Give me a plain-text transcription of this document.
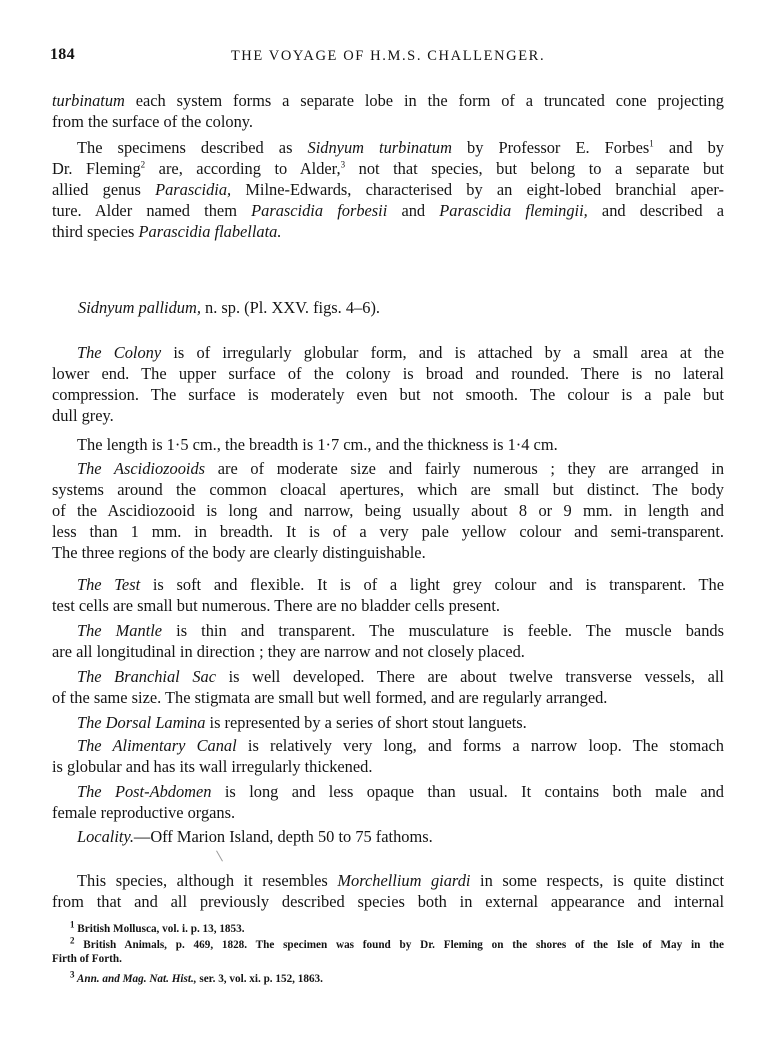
184	THE VOYAGE OF H.M.S. CHALLENGER.
turbinatum each system forms a separate lobe in the form of a truncated cone projecting
from the surface of the colony.
The specimens described as Sidnyum turbinatum by Professor E. Forbes$^1$ and by
Dr. Fleming$^2$ are, according to Alder,$^3$ not that species, but belong to a separate but
allied genus Parascidia, Milne-Edwards, characterised by an eight-lobed branchial aper-
ture. Alder named them Parascidia forbesii and Parascidia flemingii, and described a
third species Parascidia flabellata.
Sidnyum pallidum, n. sp. (Pl. XXV. figs. 4–6).
The Colony is of irregularly globular form, and is attached by a small area at the
lower end. The upper surface of the colony is broad and rounded. There is no lateral
compression. The surface is moderately even but not smooth. The colour is a pale but
dull grey.
The length is 1·5 cm., the breadth is 1·7 cm., and the thickness is 1·4 cm.
The Ascidiozooids are of moderate size and fairly numerous ; they are arranged in
systems around the common cloacal apertures, which are small but distinct. The body
of the Ascidiozooid is long and narrow, being usually about 8 or 9 mm. in length and
less than 1 mm. in breadth. It is of a very pale yellow colour and semi-transparent.
The three regions of the body are clearly distinguishable.
The Test is soft and flexible. It is of a light grey colour and is transparent. The
test cells are small but numerous. There are no bladder cells present.
The Mantle is thin and transparent. The musculature is feeble. The muscle bands
are all longitudinal in direction ; they are narrow and not closely placed.
The Branchial Sac is well developed. There are about twelve transverse vessels, all
of the same size. The stigmata are small but well formed, and are regularly arranged.
The Dorsal Lamina is represented by a series of short stout languets.
The Alimentary Canal is relatively very long, and forms a narrow loop. The stomach
is globular and has its wall irregularly thickened.
The Post-Abdomen is long and less opaque than usual. It contains both male and
female reproductive organs.
Locality.—Off Marion Island, depth 50 to 75 fathoms.
This species, although it resembles Morchellium giardi in some respects, is quite distinct
from that and all previously described species both in external appearance and internal
$^1$ British Mollusca, vol. i. p. 13, 1853.
$^2$ British Animals, p. 469, 1828. The specimen was found by Dr. Fleming on the shores of the Isle of May in the
Firth of Forth.
$^3$ Ann. and Mag. Nat. Hist., ser. 3, vol. xi. p. 152, 1863.
